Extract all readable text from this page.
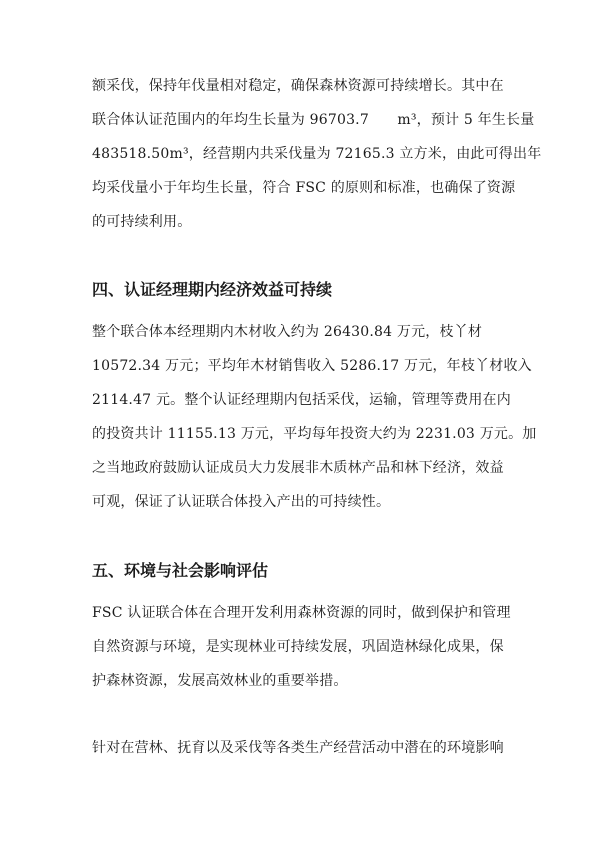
额采伐，保持年伐量相对稳定，确保森林资源可持续增长。其中在

联合体认证范围内的年均生长量为 96703.7　　m³，预计 5 年生长量

483518.50m³，经营期内共采伐量为 72165.3 立方米，由此可得出年

均采伐量小于年均生长量，符合 FSC 的原则和标准，也确保了资源

的可持续利用。

四、认证经理期内经济效益可持续

整个联合体本经理期内木材收入约为 26430.84 万元，枝丫材

10572.34 万元；平均年木材销售收入 5286.17 万元，年枝丫材收入

2114.47 元。整个认证经理期内包括采伐，运输，管理等费用在内

的投资共计 11155.13 万元，平均每年投资大约为 2231.03 万元。加

之当地政府鼓励认证成员大力发展非木质林产品和林下经济，效益

可观，保证了认证联合体投入产出的可持续性。

五、环境与社会影响评估

FSC 认证联合体在合理开发利用森林资源的同时，做到保护和管理

自然资源与环境，是实现林业可持续发展，巩固造林绿化成果，保

护森林资源，发展高效林业的重要举措。

针对在营林、抚育以及采伐等各类生产经营活动中潜在的环境影响
